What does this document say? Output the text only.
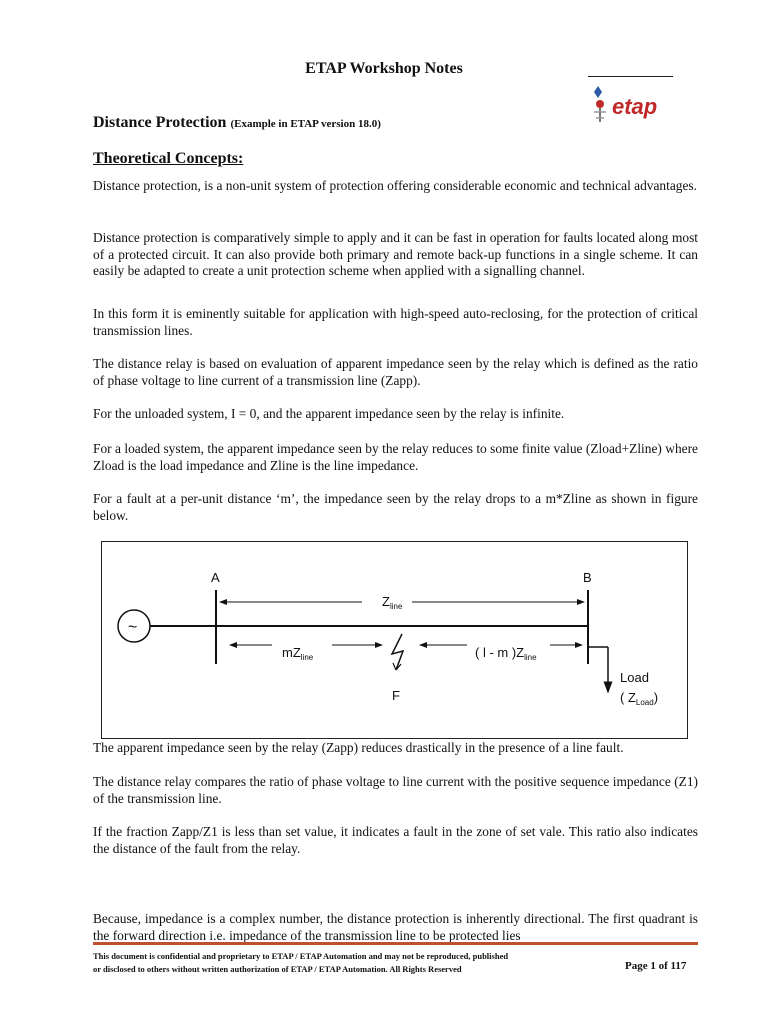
ETAP Workshop Notes
etap
Distance Protection (Example in ETAP version 18.0)
Theoretical Concepts:
Distance protection, is a non-unit system of protection offering considerable economic and technical advantages.
Distance protection is comparatively simple to apply and it can be fast in operation for faults located along most of a protected circuit. It can also provide both primary and remote back-up functions in a single scheme. It can easily be adapted to create a unit protection scheme when applied with a signalling channel.
In this form it is eminently suitable for application with high-speed auto-reclosing, for the protection of critical transmission lines.
The distance relay is based on evaluation of apparent impedance seen by the relay which is defined as the ratio of phase voltage to line current of a transmission line (Zapp).
For the unloaded system, I = 0, and the apparent impedance seen by the relay is infinite.
For a loaded system, the apparent impedance seen by the relay reduces to some finite value (Zload+Zline) where Zload is the load impedance and Zline is the line impedance.
For a fault at a per-unit distance ‘m’, the impedance seen by the relay drops to a m*Zline as shown in figure below.
~
A	B
$Z_{line}$
$mZ_{line}$	( l - m )$Z_{line}$
F
Load
( $Z_{Load}$)
The apparent impedance seen by the relay (Zapp) reduces drastically in the presence of a line fault.
The distance relay compares the ratio of phase voltage to line current with the positive sequence impedance (Z1) of the transmission line.
If the fraction Zapp/Z1 is less than set value, it indicates a fault in the zone of set vale. This ratio also indicates the distance of the fault from the relay.
Because, impedance is a complex number, the distance protection is inherently directional. The first quadrant is the forward direction i.e. impedance of the transmission line to be protected lies
This document is confidential and proprietary to ETAP / ETAP Automation and may not be reproduced, published
or disclosed to others without written authorization of ETAP / ETAP Automation. All Rights Reserved	Page 1 of 117
